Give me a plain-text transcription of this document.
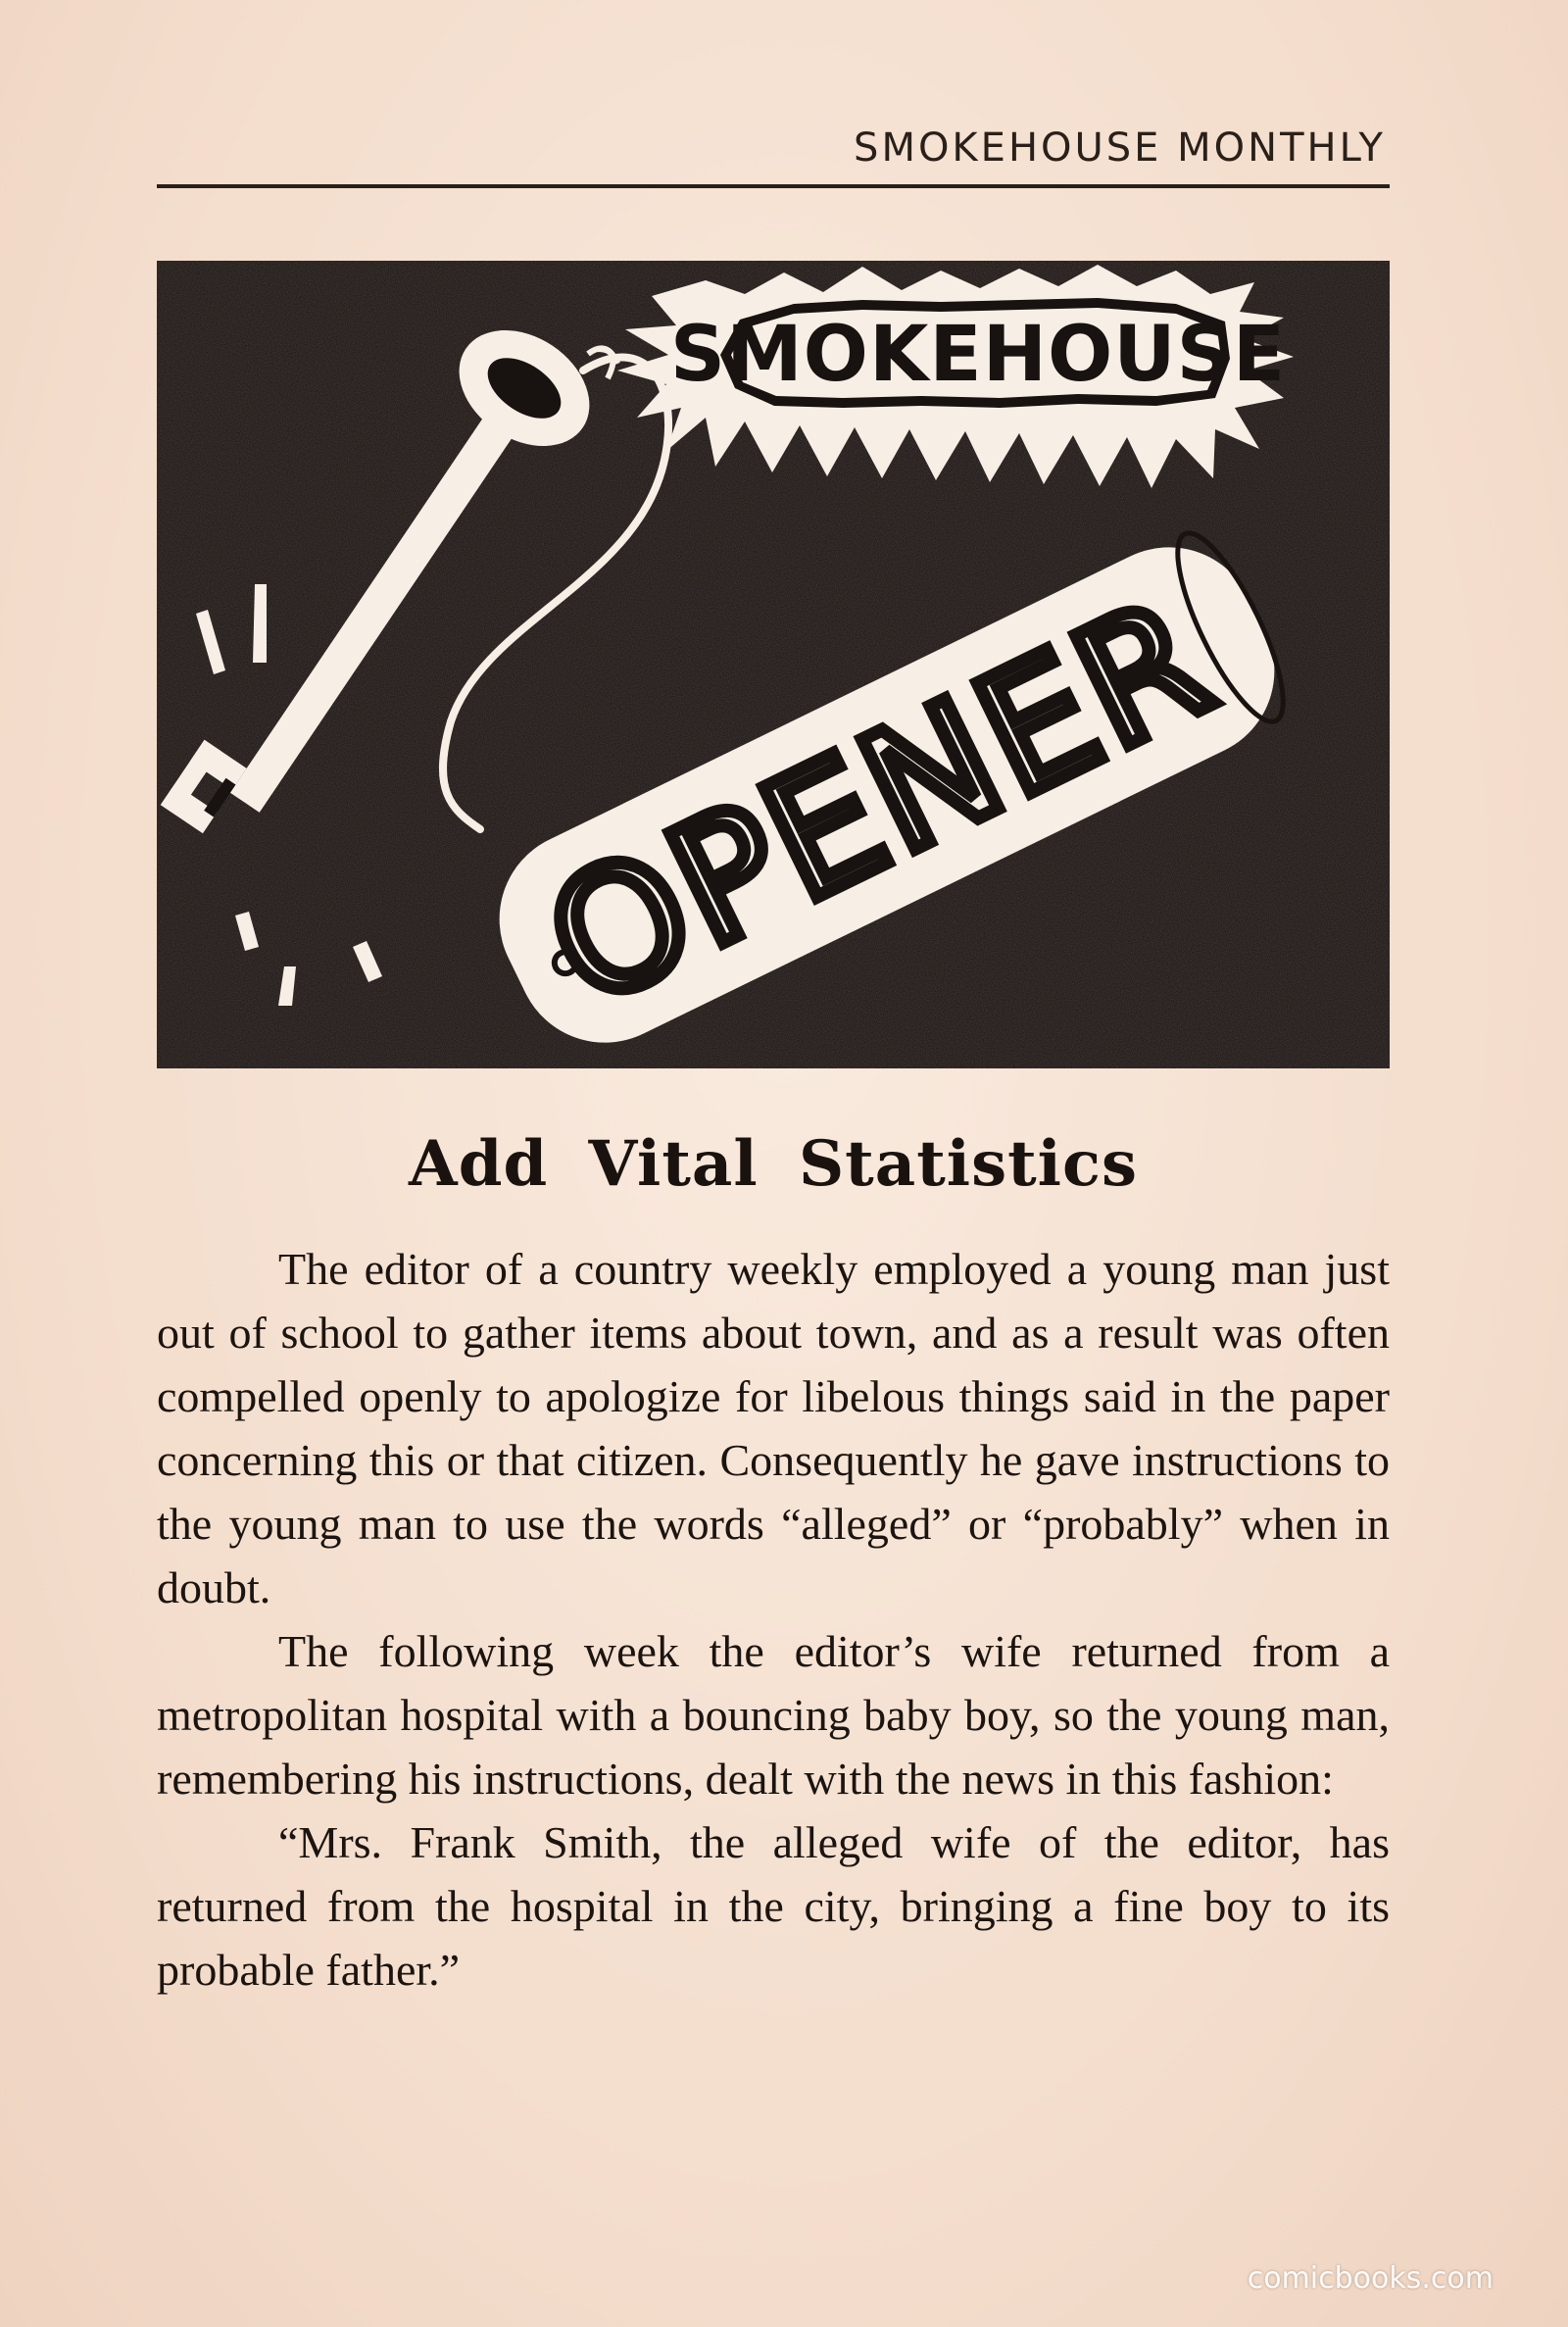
SMOKEHOUSE MONTHLY
SMOKEHOUSE
OPENER
Add Vital Statistics

The editor of a country weekly employed a young man just out of school to gather items about town, and as a result was often compelled openly to apologize for libelous things said in the paper concerning this or that citizen. Consequently he gave instructions to the young man to use the words “alleged” or “probably” when in doubt.

The following week the editor’s wife returned from a metropolitan hospital with a bouncing baby boy, so the young man, remembering his instructions, dealt with the news in this fashion:

“Mrs. Frank Smith, the alleged wife of the editor, has returned from the hospital in the city, bringing a fine boy to its probable father.”

comicbooks.com
